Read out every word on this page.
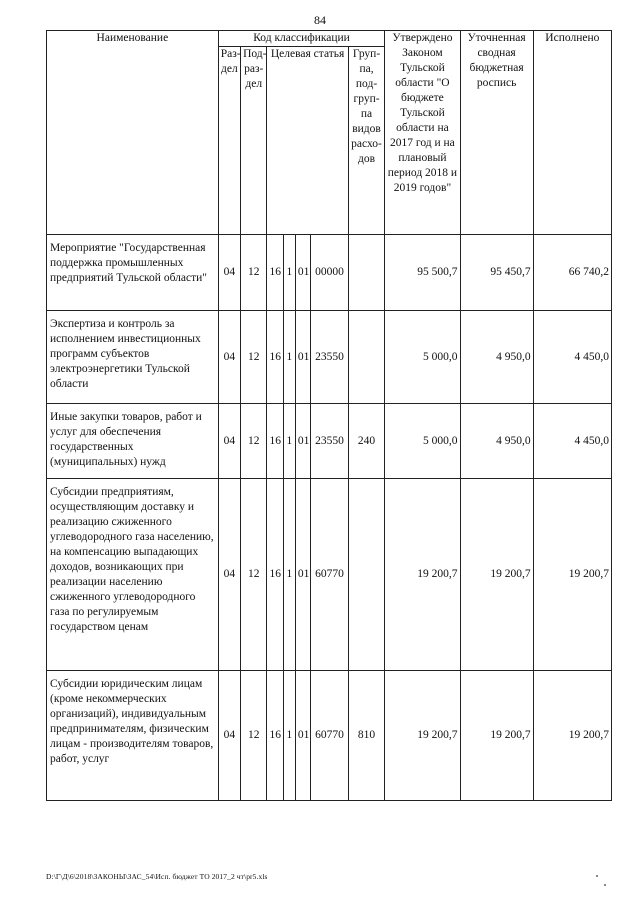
84
Наименование	Код классификации							Утверждено Законом Тульской области "О бюджете Тульской области на 2017 год и на плановый период 2018 и 2019 годов"	Уточненная сводная бюджетная роспись	Исполнено
	Раз-дел	Под-раз-дел	Целевая статья				Груп-па, под-груп-па видов расхо-дов			
Мероприятие "Государственная поддержка промышленных предприятий Тульской области"	04	12	16	1	01	00000		95 500,7	95 450,7	66 740,2
Экспертиза и контроль за исполнением инвестиционных программ субъектов электроэнергетики Тульской области	04	12	16	1	01	23550		5 000,0	4 950,0	4 450,0
Иные закупки товаров, работ и услуг для обеспечения государственных (муниципальных) нужд	04	12	16	1	01	23550	240	5 000,0	4 950,0	4 450,0
Субсидии предприятиям, осуществляющим доставку и реализацию сжиженного углеводородного газа населению, на компенсацию выпадающих доходов, возникающих при реализации населению сжиженного углеводородного газа по регулируемым государством ценам	04	12	16	1	01	60770		19 200,7	19 200,7	19 200,7
Субсидии юридическим лицам (кроме некоммерческих организаций), индивидуальным предпринимателям, физическим лицам - производителям товаров, работ, услуг	04	12	16	1	01	60770	810	19 200,7	19 200,7	19 200,7
D:\Г\Д\6\2018\ЗАКОНЫ\ЗАС_54\Исп. бюджет ТО 2017_2 чт\pr5.xls
